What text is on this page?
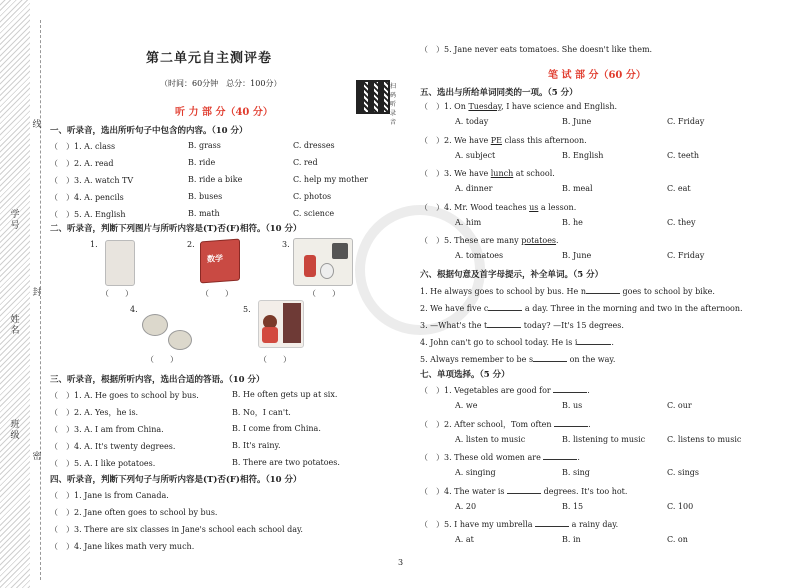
线
封
密
学号
姓名
班级
第二单元自主测评卷
（时间：60分钟　总分：100分）	扫码听录音
听 力 部 分（40 分）
一、听录音，选出所听句子中包含的内容。（10 分）
二、听录音，判断下列图片与所听内容是(T)否(F)相符。（10 分）
1.
（　　）
2.
数学
（　　）
3.
（　　）
4.
（　　）
5.
（　　）
三、听录音，根据所听内容，选出合适的答语。（10 分）
四、听录音，判断下列句子与所听内容是(T)否(F)相符。（10 分）
（　）5. Jane never eats tomatoes. She doesn't like them.
笔 试 部 分（60 分）
五、选出与所给单词同类的一项。（5 分）
六、根据句意及首字母提示，补全单词。（5 分）
七、单项选择。（5 分）
3
（　）1. A. class	B. grass	C. dresses
（　）2. A. read	B. ride	C. red
（　）3. A. watch TV	B. ride a bike	C. help my mother
（　）4. A. pencils	B. buses	C. photos
（　）5. A. English	B. math	C. science
（　）1. A. He goes to school by bus.	B. He often gets up at six.
（　）2. A. Yes，he is.	B. No，I can't.
（　）3. A. I am from China.	B. I come from China.
（　）4. A. It's twenty degrees.	B. It's rainy.
（　）5. A. I like potatoes.	B. There are two potatoes.
（　）1. Jane is from Canada.
（　）2. Jane often goes to school by bus.
（　）3. There are six classes in Jane's school each school day.
（　）4. Jane likes math very much.
（　）1. On Tuesday, I have science and English.
A. today	B. June	C. Friday
（　）2. We have PE class this afternoon.
A. subject	B. English	C. teeth
（　）3. We have lunch at school.
A. dinner	B. meal	C. eat
（　）4. Mr. Wood teaches us a lesson.
A. him	B. he	C. they
（　）5. These are many potatoes.
A. tomatoes	B. June	C. Friday
1. He always goes to school by bus. He n	goes to school by bike.
2. We have five c	a day. Three in the morning and two in the afternoon.
3. —What's the t	today? —It's 15 degrees.
4. John can't go to school today. He is i	.
5. Always remember to be s	on the way.
（　）1. Vegetables are good for	.
A. we	B. us	C. our
（　）2. After school，Tom often	.
A. listen to music	B. listening to music	C. listens to music
（　）3. These old women are	.
A. singing	B. sing	C. sings
（　）4. The water is	degrees. It's too hot.
A. 20	B. 15	C. 100
（　）5. I have my umbrella	a rainy day.
A. at	B. in	C. on
